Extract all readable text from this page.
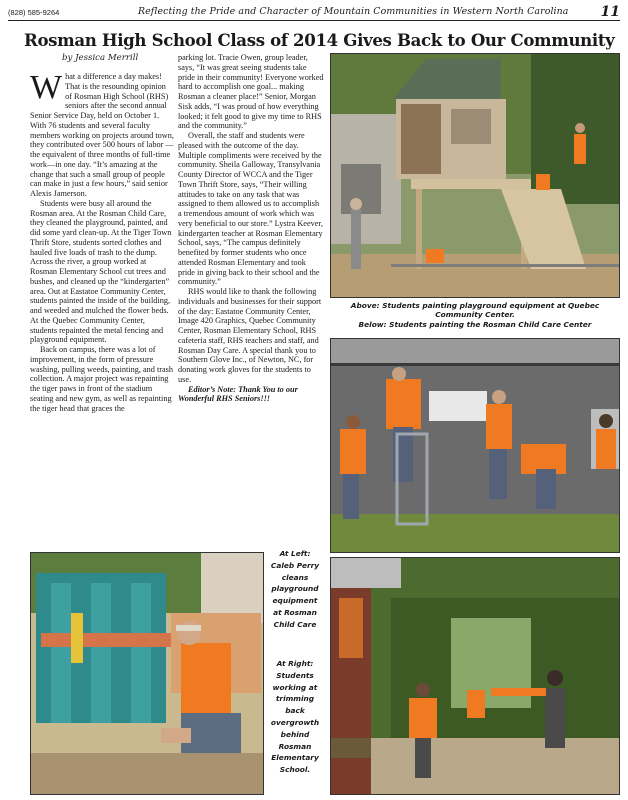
(828) 585-9264	Reflecting the Pride and Character of Mountain Communities in Western North Carolina 11
Rosman High School Class of 2014 Gives Back to Our Community
by Jessica Merrill

What a difference a day makes! That is the resounding opinion of Rosman High School (RHS) seniors after the second annual Senior Service Day, held on October 1. With 76 students and several faculty members working on projects around town, they contributed over 500 hours of labor — the equivalent of three months of full-time work—in one day. “It’s amazing at the change that such a small group of people can make in just a few hours,” said senior Alexis Jamerson.

Students were busy all around the Rosman area. At the Rosman Child Care, they cleaned the playground, painted, and did some yard clean-up. At the Tiger Town Thrift Store, students sorted clothes and hauled five loads of trash to the dump. Across the river, a group worked at Rosman Elementary School cut trees and bushes, and cleaned up the “kindergarten” area. Out at Eastatoe Community Center, students painted the inside of the building, and weeded and mulched the flower beds. At the Quebec Community Center, students repainted the metal fencing and playground equipment.

Back on campus, there was a lot of improvement, in the form of pressure washing, pulling weeds, painting, and trash collection. A major project was repainting the tiger paws in front of the stadium seating and new gym, as well as repainting the tiger head that graces the

parking lot. Tracie Owen, group leader, says, “It was great seeing students take pride in their community! Everyone worked hard to accomplish one goal... making Rosman a cleaner place!” Senior, Morgan Sisk adds, “I was proud of how everything looked; it felt good to give my time to RHS and the community.”

Overall, the staff and students were pleased with the outcome of the day. Multiple compliments were received by the community. Sheila Galloway, Transylvania County Director of WCCA and the Tiger Town Thrift Store, says, “Their willing attitudes to take on any task that was assigned to them allowed us to accomplish a tremendous amount of work which was very beneficial to our store.” Lystra Keever, kindergarten teacher at Rosman Elementary School, says, “The campus definitely benefited by former students who once attended Rosman Elementary and took pride in giving back to their school and the community.”

RHS would like to thank the following individuals and businesses for their support of the day: Eastatoe Community Center, Image 420 Graphics, Quebec Community Center, Rosman Elementary School, RHS cafeteria staff, RHS teachers and staff, and Rosman Day Care. A special thank you to Southern Glove Inc., of Newton, NC, for donating work gloves for the students to use.

Editor’s Note: Thank You to our Wonderful RHS Seniors!!!

Above: Students painting playground equipment at Quebec Community Center.
Below: Students painting the Rosman Child Care Center
At Left: Caleb Perry cleans playground equipment at Rosman Child Care
At Right: Students working at trimming back overgrowth behind Rosman Elementary School.
